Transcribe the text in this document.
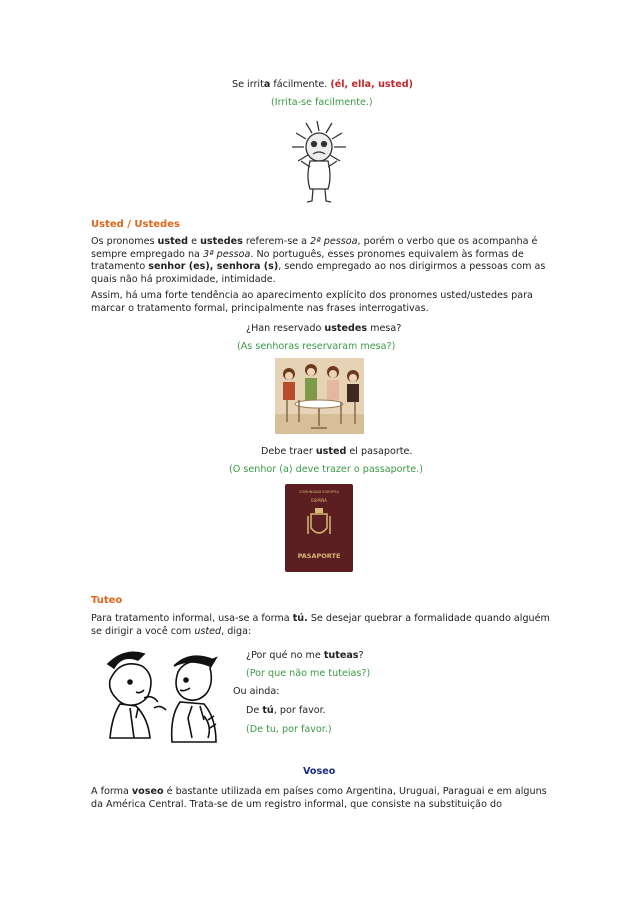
Se irrita fácilmente. (él, ella, usted)
(Irrita-se facilmente.)
Usted / Ustedes

Os pronomes usted e ustedes referem-se a 2ª pessoa, porém o verbo que os acompanha é sempre empregado na 3ª pessoa. No português, esses pronomes equivalem às formas de tratamento senhor (es), senhora (s), sendo empregado ao nos dirigirmos a pessoas com as quais não há proximidade, intimidade.

Assim, há uma forte tendência ao aparecimento explícito dos pronomes usted/ustedes para marcar o tratamento formal, principalmente nas frases interrogativas.

¿Han reservado ustedes mesa?
(As senhoras reservaram mesa?)
Debe traer usted el pasaporte.
(O senhor (a) deve trazer o passaporte.)
COMUNIDAD EUROPEA
ESPAÑA
PASAPORTE
Tuteo

Para tratamento informal, usa-se a forma tú. Se desejar quebrar a formalidade quando alguém se dirigir a você com usted, diga:

¿Por qué no me tuteas?
(Por que não me tuteias?)
Ou ainda:
De tú, por favor.
(De tu, por favor.)
Voseo

A forma voseo é bastante utilizada em países como Argentina, Uruguai, Paraguai e em alguns da América Central. Trata-se de um registro informal, que consiste na substituição do
